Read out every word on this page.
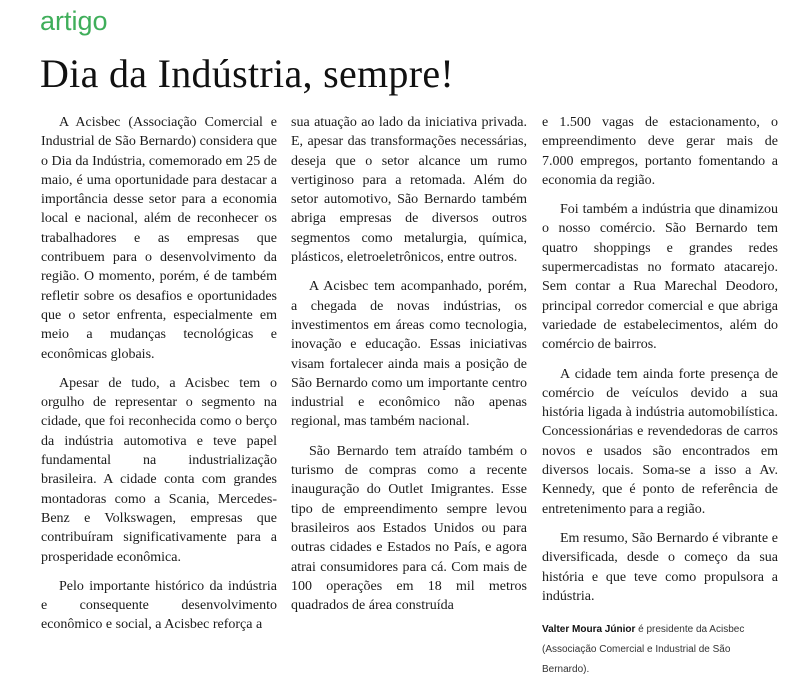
artigo
Dia da Indústria, sempre!

A Acisbec (Associação Comercial e Industrial de São Bernardo) considera que o Dia da Indústria, comemorado em 25 de maio, é uma oportunidade para destacar a importância desse setor para a economia local e nacional, além de reconhecer os trabalhadores e as empresas que contribuem para o desenvolvimento da região. O momento, porém, é de também refletir sobre os desafios e oportunidades que o setor enfrenta, especialmente em meio a mudanças tecnológicas e econômicas globais.

Apesar de tudo, a Acisbec tem o orgulho de representar o segmento na cidade, que foi reconhecida como o berço da indústria automotiva e teve papel fundamental na industrialização brasileira. A cidade conta com grandes montadoras como a Scania, Mercedes-Benz e Volkswagen, empresas que contribuíram significativamente para a prosperidade econômica.

Pelo importante histórico da indústria e consequente desenvolvimento econômico e social, a Acisbec reforça a

sua atuação ao lado da iniciativa privada. E, apesar das transformações necessárias, deseja que o setor alcance um rumo vertiginoso para a retomada. Além do setor automotivo, São Bernardo também abriga empresas de diversos outros segmentos como metalurgia, química, plásticos, eletroeletrônicos, entre outros.

A Acisbec tem acompanhado, porém, a chegada de novas indústrias, os investimentos em áreas como tecnologia, inovação e educação. Essas iniciativas visam fortalecer ainda mais a posição de São Bernardo como um importante centro industrial e econômico não apenas regional, mas também nacional.

São Bernardo tem atraído também o turismo de compras como a recente inauguração do Outlet Imigrantes. Esse tipo de empreendimento sempre levou brasileiros aos Estados Unidos ou para outras cidades e Estados no País, e agora atrai consumidores para cá. Com mais de 100 operações em 18 mil metros quadrados de área construída

e 1.500 vagas de estacionamento, o empreendimento deve gerar mais de 7.000 empregos, portanto fomentando a economia da região.

Foi também a indústria que dinamizou o nosso comércio. São Bernardo tem quatro shoppings e grandes redes supermercadistas no formato atacarejo. Sem contar a Rua Marechal Deodoro, principal corredor comercial e que abriga variedade de estabelecimentos, além do comércio de bairros.

A cidade tem ainda forte presença de comércio de veículos devido a sua história ligada à indústria automobilística. Concessionárias e revendedoras de carros novos e usados são encontrados em diversos locais. Soma-se a isso a Av. Kennedy, que é ponto de referência de entretenimento para a região.

Em resumo, São Bernardo é vibrante e diversificada, desde o começo da sua história e que teve como propulsora a indústria.

Valter Moura Júnior é presidente da Acisbec (Associação Comercial e Industrial de São Bernardo).
